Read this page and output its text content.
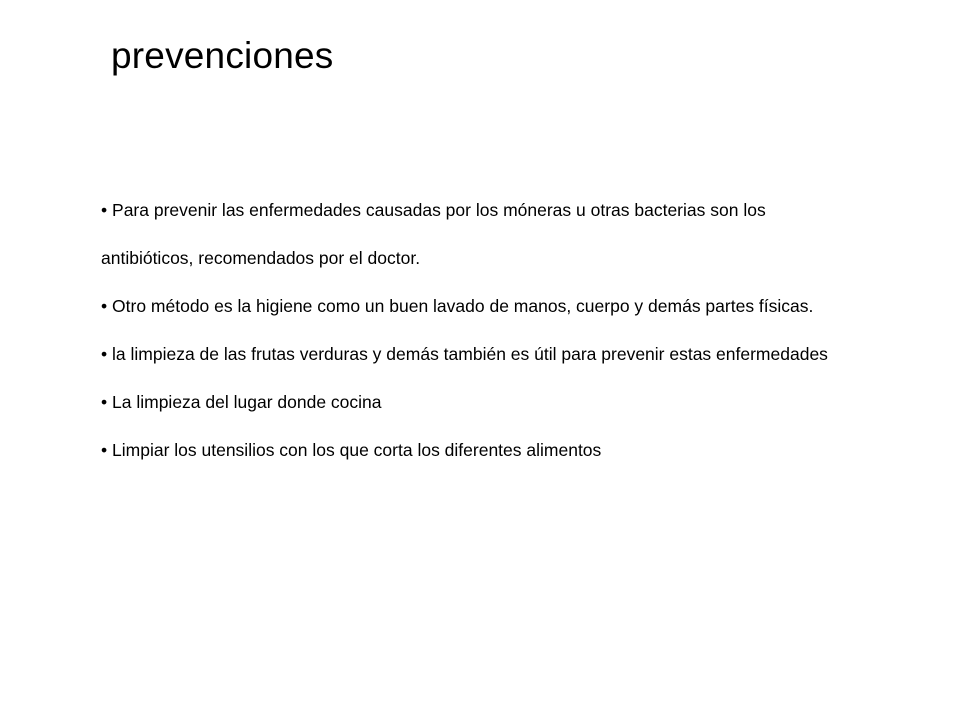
prevenciones

• Para prevenir las enfermedades causadas por los móneras u otras bacterias son los

antibióticos, recomendados por el doctor.

• Otro método es la higiene como un buen lavado de manos, cuerpo y demás partes físicas.

• la limpieza de las frutas verduras y demás también es útil para prevenir estas enfermedades

• La limpieza del lugar donde cocina

• Limpiar los utensilios con los que corta los diferentes alimentos
